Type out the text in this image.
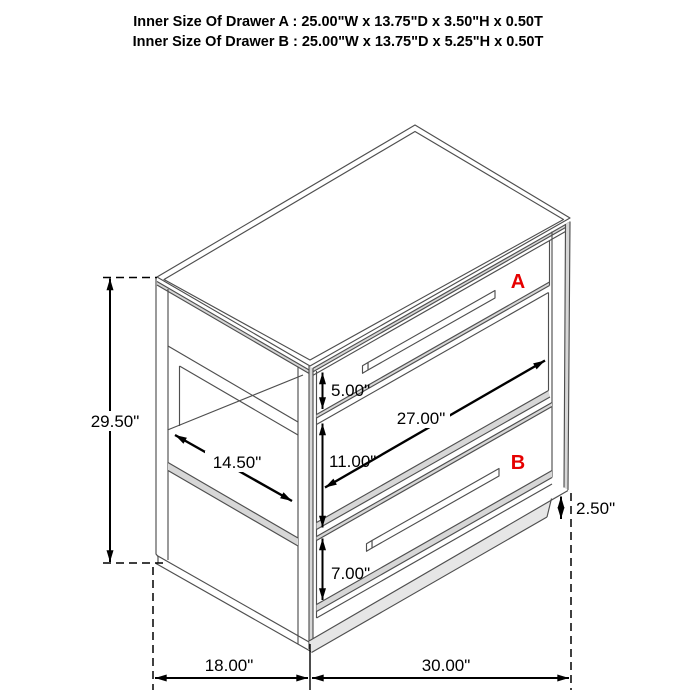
Inner Size Of Drawer A : 25.00"W x 13.75"D x 3.50"H x 0.50T
Inner Size Of Drawer B : 25.00"W x 13.75"D x 5.25"H x 0.50T
29.50"
14.50"
5.00"
11.00"
27.00"
7.00"
2.50"
18.00"	30.00"
A
B
